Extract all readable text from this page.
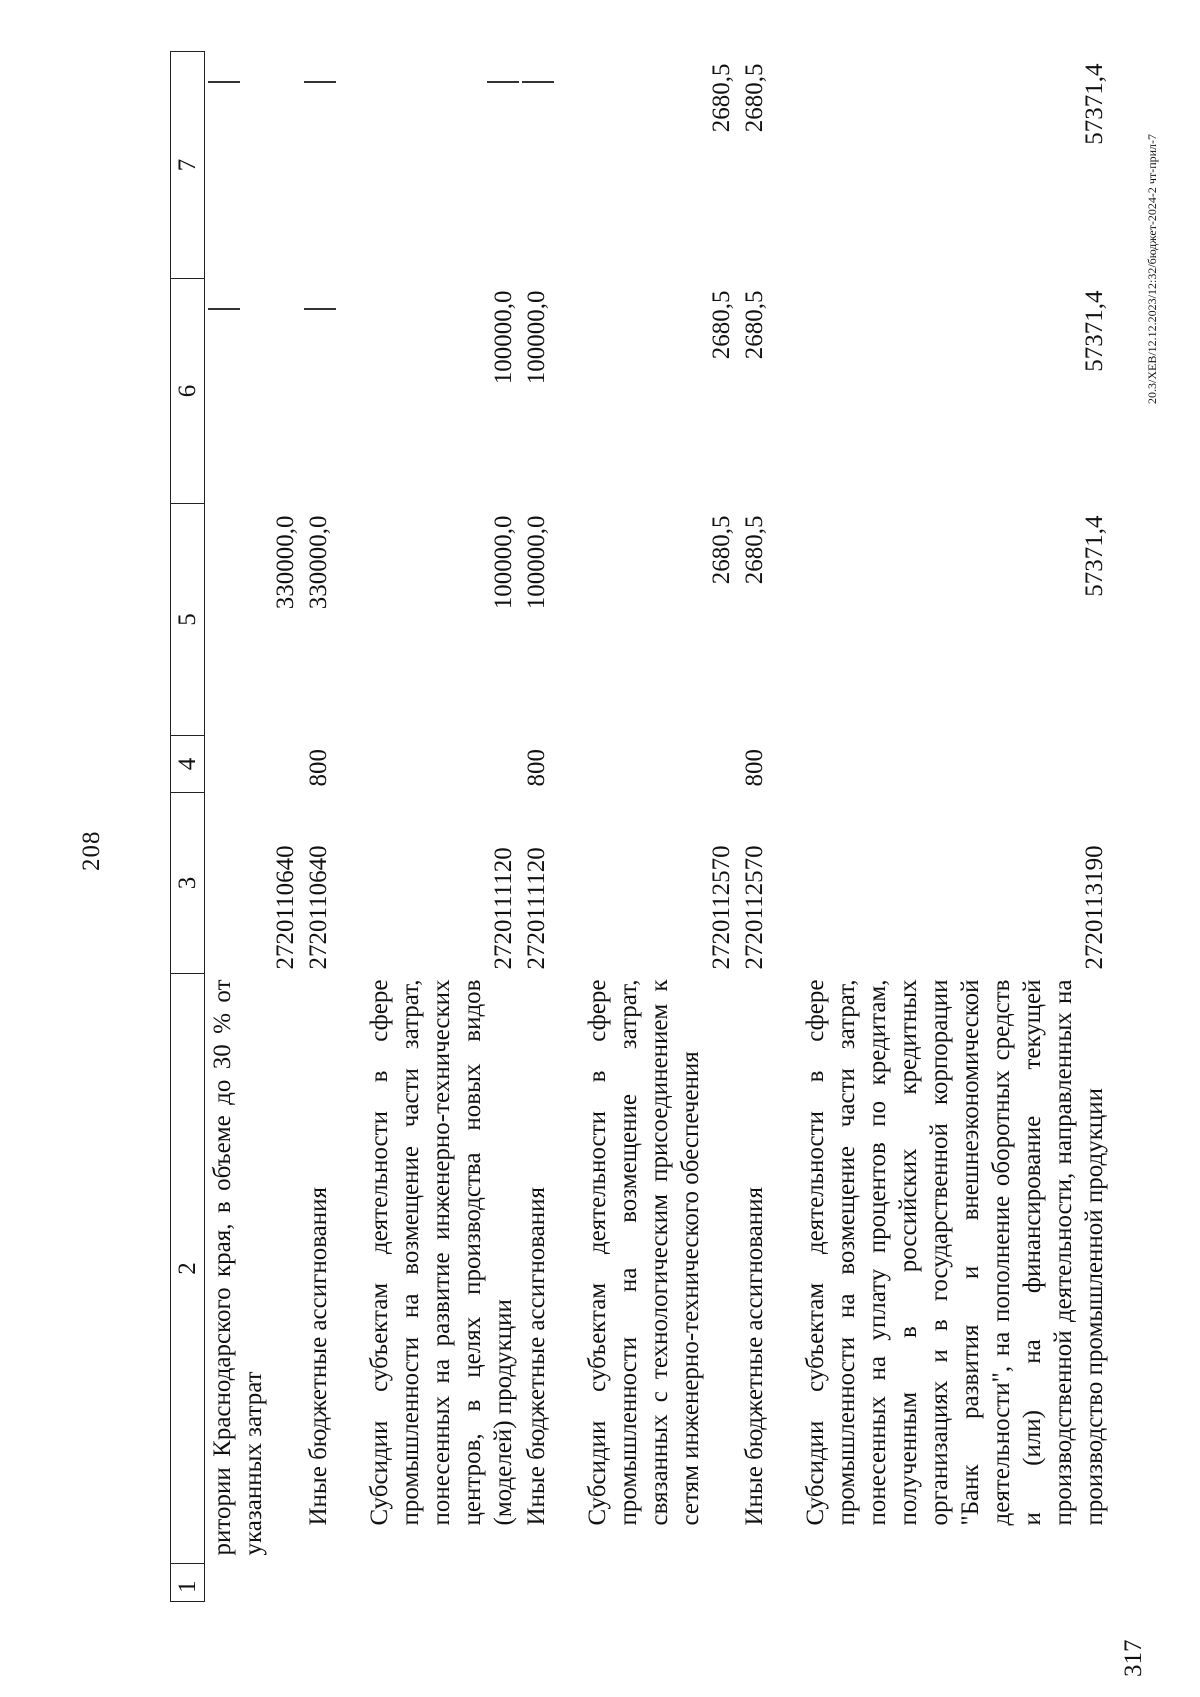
208
1	2	3	4	5	6	7
	ритории Краснодарского края, в объеме до 30 % от указанных затрат	2720110640		330000,0		
	Иные бюджетные ассигнования	2720110640	800	330000,0		
	Субсидии субъектам деятельности в сфере промышленности на возмещение части затрат, понесенных на развитие инженерно-технических центров, в целях производства новых видов (моделей) продукции	2720111120		100000,0	100000,0	
	Иные бюджетные ассигнования	2720111120	800	100000,0	100000,0	
	Субсидии субъектам деятельности в сфере промышленности на возмещение затрат, связанных с технологическим присоединением к сетям инженерно-технического обеспечения	2720112570		2680,5	2680,5	2680,5
	Иные бюджетные ассигнования	2720112570	800	2680,5	2680,5	2680,5
	Субсидии субъектам деятельности в сфере промышленности на возмещение части затрат, понесенных на уплату процентов по кредитам, полученным в российских кредитных организациях и в государственной корпорации "Банк развития и внешнеэкономической деятельности", на пополнение оборотных средств и (или) на финансирование текущей производственной деятельности, направленных на производство промышленной продукции	2720113190		57371,4	57371,4	57371,4
20.3/ХЕВ/12.12.2023/12:32/бюджет-2024-2 чт-прил-7
317
